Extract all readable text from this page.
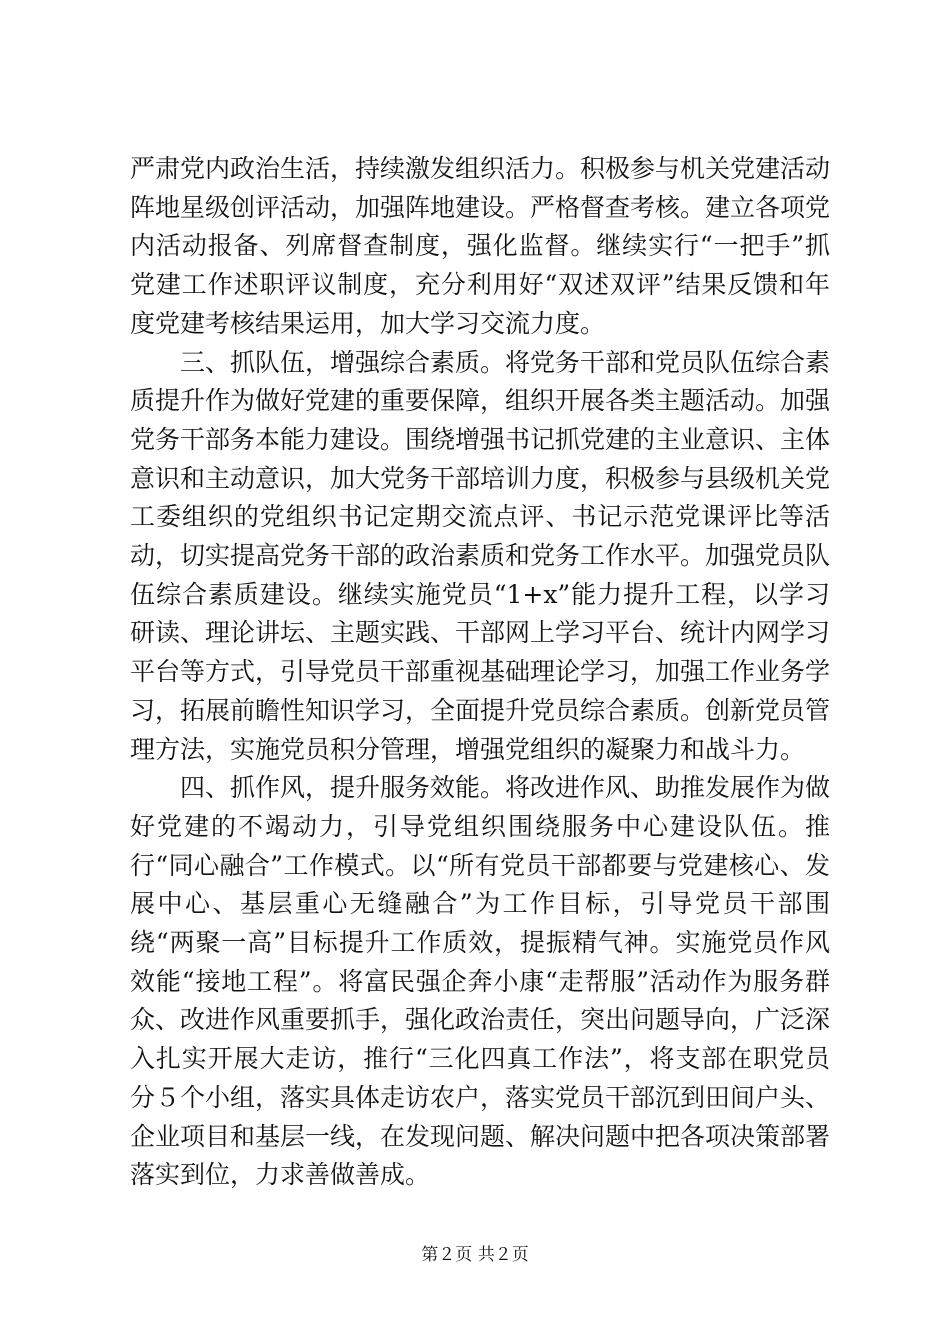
严肃党内政治生活，持续激发组织活力。积极参与机关党建活动阵地星级创评活动，加强阵地建设。严格督查考核。建立各项党内活动报备、列席督查制度，强化监督。继续实行“一把手”抓党建工作述职评议制度，充分利用好“双述双评”结果反馈和年度党建考核结果运用，加大学习交流力度。

三、抓队伍，增强综合素质。将党务干部和党员队伍综合素质提升作为做好党建的重要保障，组织开展各类主题活动。加强党务干部务本能力建设。围绕增强书记抓党建的主业意识、主体意识和主动意识，加大党务干部培训力度，积极参与县级机关党工委组织的党组织书记定期交流点评、书记示范党课评比等活动，切实提高党务干部的政治素质和党务工作水平。加强党员队伍综合素质建设。继续实施党员“1+x”能力提升工程，以学习研读、理论讲坛、主题实践、干部网上学习平台、统计内网学习平台等方式，引导党员干部重视基础理论学习，加强工作业务学习，拓展前瞻性知识学习，全面提升党员综合素质。创新党员管理方法，实施党员积分管理，增强党组织的凝聚力和战斗力。

四、抓作风，提升服务效能。将改进作风、助推发展作为做好党建的不竭动力，引导党组织围绕服务中心建设队伍。推行“同心融合”工作模式。以“所有党员干部都要与党建核心、发展中心、基层重心无缝融合”为工作目标，引导党员干部围绕“两聚一高”目标提升工作质效，提振精气神。实施党员作风效能“接地工程”。将富民强企奔小康“走帮服”活动作为服务群众、改进作风重要抓手，强化政治责任，突出问题导向，广泛深入扎实开展大走访，推行“三化四真工作法”，将支部在职党员分５个小组，落实具体走访农户，落实党员干部沉到田间户头、企业项目和基层一线，在发现问题、解决问题中把各项决策部署落实到位，力求善做善成。

第２页 共２页
